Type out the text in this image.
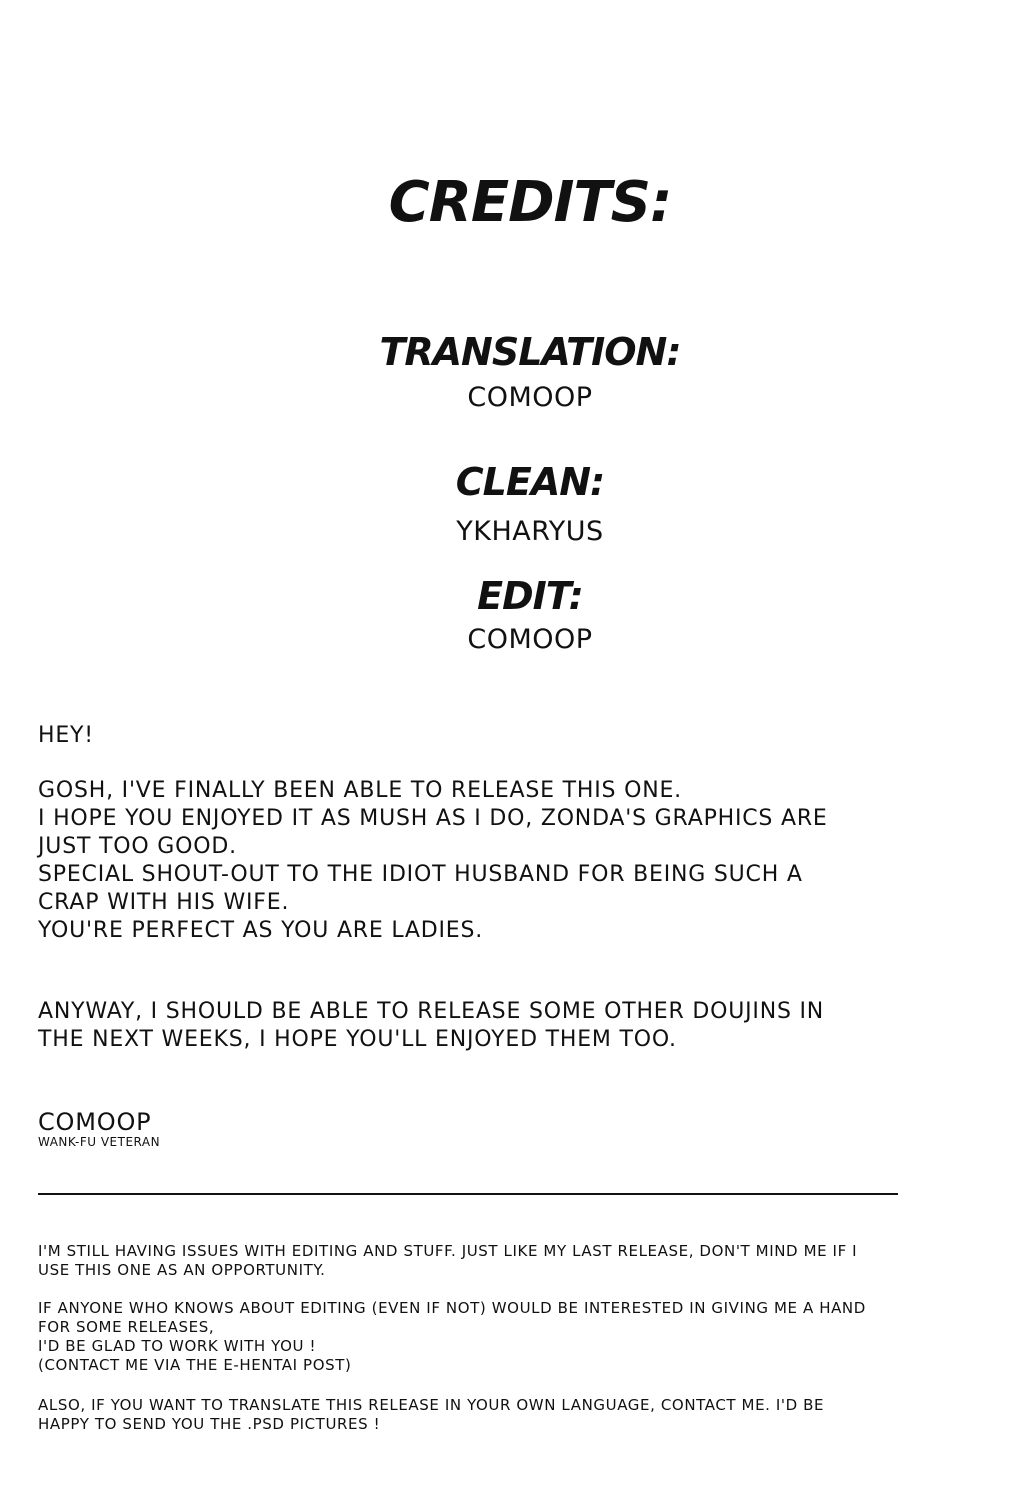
CREDITS:
TRANSLATION:
COMOOP
CLEAN:
YKHARYUS
EDIT:
COMOOP
HEY!
GOSH, I'VE FINALLY BEEN ABLE TO RELEASE THIS ONE.
I HOPE YOU ENJOYED IT AS MUSH AS I DO, ZONDA'S GRAPHICS ARE
JUST TOO GOOD.
SPECIAL SHOUT-OUT TO THE IDIOT HUSBAND FOR BEING SUCH A
CRAP WITH HIS WIFE.
YOU'RE PERFECT AS YOU ARE LADIES.
ANYWAY, I SHOULD BE ABLE TO RELEASE SOME OTHER DOUJINS IN
THE NEXT WEEKS, I HOPE YOU'LL ENJOYED THEM TOO.
COMOOP
WANK-FU VETERAN
I'M STILL HAVING ISSUES WITH EDITING AND STUFF. JUST LIKE MY LAST RELEASE, DON'T MIND ME IF I
USE THIS ONE AS AN OPPORTUNITY.
IF ANYONE WHO KNOWS ABOUT EDITING (EVEN IF NOT) WOULD BE INTERESTED IN GIVING ME A HAND
FOR SOME RELEASES,
I'D BE GLAD TO WORK WITH YOU !
(CONTACT ME VIA THE E-HENTAI POST)
ALSO, IF YOU WANT TO TRANSLATE THIS RELEASE IN YOUR OWN LANGUAGE, CONTACT ME. I'D BE
HAPPY TO SEND YOU THE .PSD PICTURES !
